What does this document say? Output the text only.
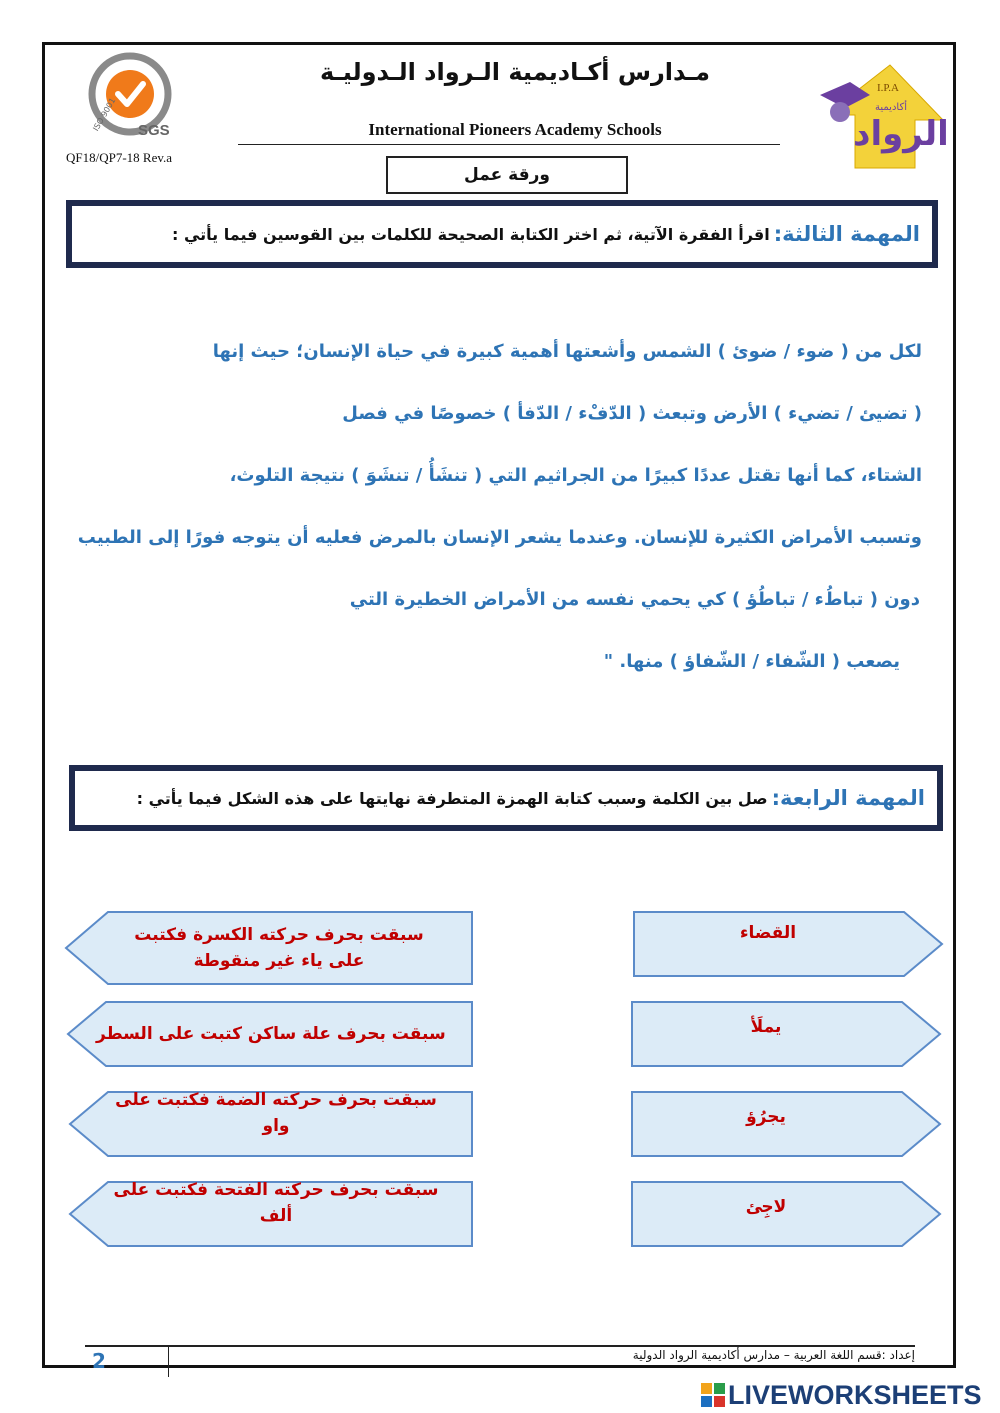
SGS
ISO 9001
QF18/QP7-18 Rev.a
مـدارس أكـاديمية الـرواد الـدوليـة
International Pioneers Academy Schools
I.P.A
أكاديمية
الرواد
ورقة عمل
المهمة الثالثة:
اقرأ الفقرة الآتية، ثم اختر الكتابة الصحيحة للكلمات بين القوسين فيما يأتي :
لكل من ( ضوء / ضوئ ) الشمس وأشعتها أهمية كبيرة في حياة الإنسان؛ حيث إنها
( تضيئ / تضيء ) الأرض وتبعث ( الدّفْء / الدّفأ ) خصوصًا في فصل
الشتاء، كما أنها تقتل عددًا كبيرًا من الجراثيم التي ( تنشَأُ / تنشَوَ ) نتيجة التلوث،
وتسبب الأمراض الكثيرة للإنسان. وعندما يشعر الإنسان بالمرض فعليه أن يتوجه فورًا إلى الطبيب
دون ( تباطُء / تباطُؤ ) كي يحمي نفسه من الأمراض الخطيرة التي
يصعب ( الشّفاء / الشّفاؤ ) منها. "
المهمة الرابعة:
صل بين الكلمة وسبب كتابة الهمزة المتطرفة نهايتها على هذه الشكل فيما يأتي :
سبقت بحرف حركته الكسرة فكتبت على ياء غير منقوطة
سبقت بحرف علة ساكن كتبت على السطر
سبقت بحرف حركته الضمة فكتبت على واو
سبقت بحرف حركته الفتحة فكتبت على ألف
القضاء
يملَأ
يجرُؤ
لاجِئ
إعداد :قسم اللغة العربية – مدارس أكاديمية الرواد الدولية
2
LIVEWORKSHEETS
